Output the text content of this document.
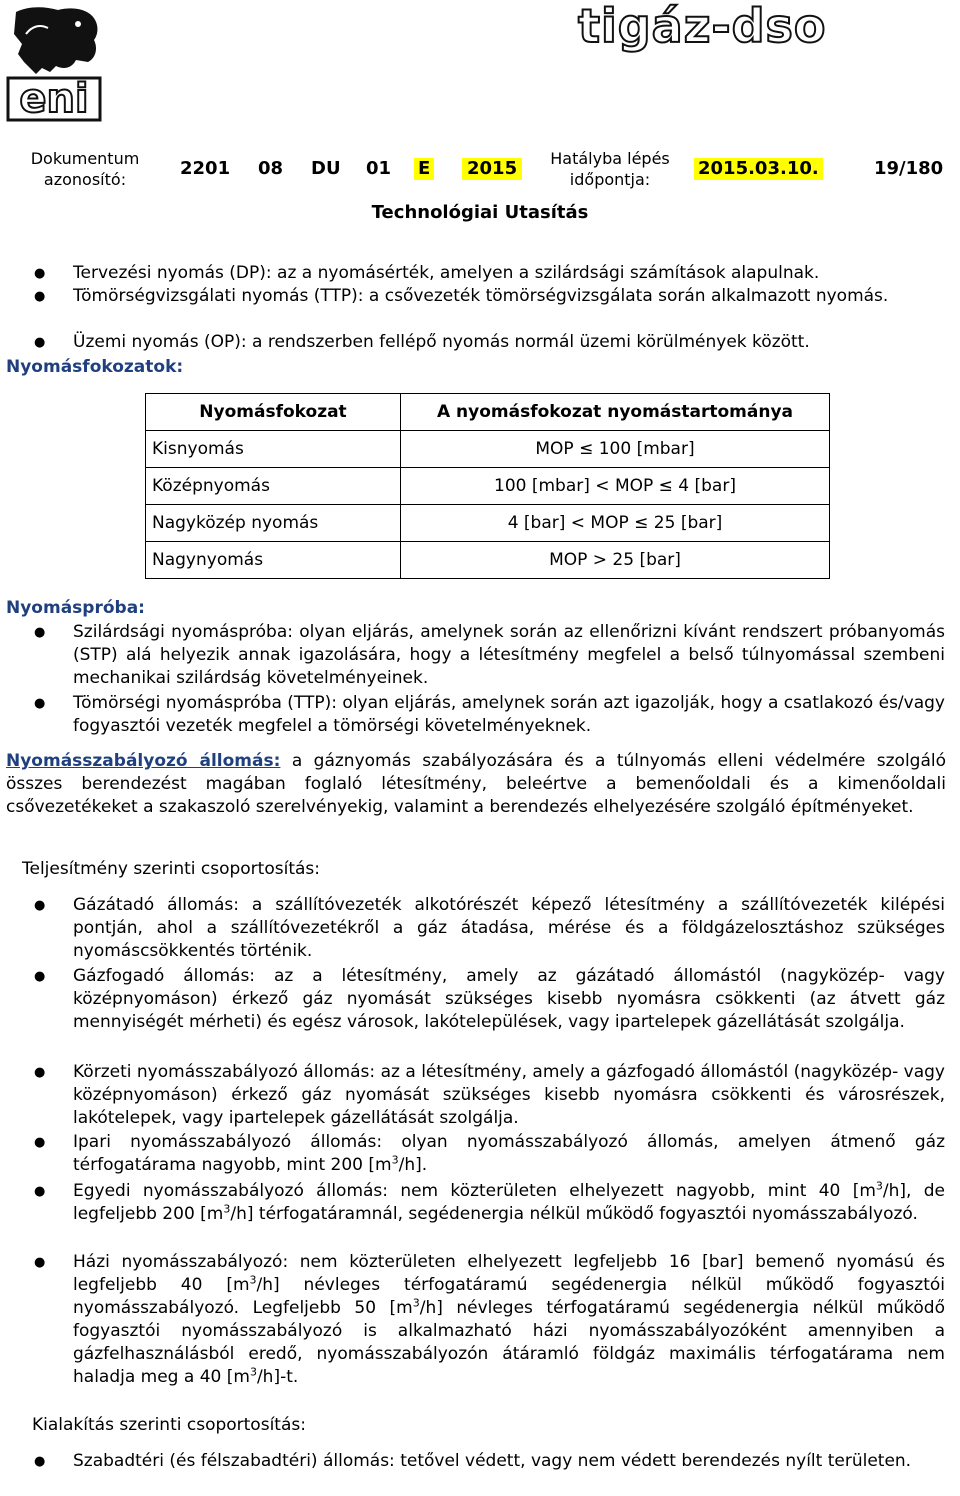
eni
tigáz-dso
Dokumentum
azonosító:
2201 08 DU 01 E 2015	Hatályba lépés
időpontja:
2015.03.10.	19/180
Technológiai Utasítás
● Tervezési nyomás (DP): az a nyomásérték, amelyen a szilárdsági számítások alapulnak.
● Tömörségvizsgálati nyomás (TTP): a csővezeték tömörségvizsgálata során alkalmazott nyomás.
● Üzemi nyomás (OP): a rendszerben fellépő nyomás normál üzemi körülmények között.
Nyomásfokozatok:
Nyomásfokozat	A nyomásfokozat nyomástartománya
Kisnyomás	MOP ≤ 100 [mbar]
Középnyomás	100 [mbar] < MOP ≤ 4 [bar]
Nagyközép nyomás	4 [bar] < MOP ≤ 25 [bar]
Nagynyomás	MOP > 25 [bar]
Nyomáspróba:
● Szilárdsági nyomáspróba: olyan eljárás, amelynek során az ellenőrizni kívánt rendszert próbanyomás (STP) alá helyezik annak igazolására, hogy a létesítmény megfelel a belső túlnyomással szembeni mechanikai szilárdság követelményeinek.
● Tömörségi nyomáspróba (TTP): olyan eljárás, amelynek során azt igazolják, hogy a csatlakozó és/vagy fogyasztói vezeték megfelel a tömörségi követelményeknek.
Nyomásszabályozó állomás: a gáznyomás szabályozására és a túlnyomás elleni védelmére szolgáló összes berendezést magában foglaló létesítmény, beleértve a bemenőoldali és a kimenőoldali csővezetékeket a szakaszoló szerelvényekig, valamint a berendezés elhelyezésére szolgáló építményeket.
Teljesítmény szerinti csoportosítás:
● Gázátadó állomás: a szállítóvezeték alkotórészét képező létesítmény a szállítóvezeték kilépési pontján, ahol a szállítóvezetékről a gáz átadása, mérése és a földgázelosztáshoz szükséges nyomáscsökkentés történik.
● Gázfogadó állomás: az a létesítmény, amely az gázátadó állomástól (nagyközép- vagy középnyomáson) érkező gáz nyomását szükséges kisebb nyomásra csökkenti (az átvett gáz mennyiségét mérheti) és egész városok, lakótelepülések, vagy ipartelepek gázellátását szolgálja.
● Körzeti nyomásszabályozó állomás: az a létesítmény, amely a gázfogadó állomástól (nagyközép- vagy középnyomáson) érkező gáz nyomását szükséges kisebb nyomásra csökkenti és városrészek, lakótelepek, vagy ipartelepek gázellátását szolgálja.
● Ipari nyomásszabályozó állomás: olyan nyomásszabályozó állomás, amelyen átmenő gáz térfogatárama nagyobb, mint 200 $[m^3/h]$.
● Egyedi nyomásszabályozó állomás: nem közterületen elhelyezett nagyobb, mint 40 $[m^3/h]$, de legfeljebb 200 $[m^3/h]$ térfogatáramnál, segédenergia nélkül működő fogyasztói nyomásszabályozó.
● Házi nyomásszabályozó: nem közterületen elhelyezett legfeljebb 16 [bar] bemenő nyomású és legfeljebb 40 $[m^3/h]$ névleges térfogatáramú segédenergia nélkül működő fogyasztói nyomásszabályozó. Legfeljebb 50 $[m^3/h]$ névleges térfogatáramú segédenergia nélkül működő fogyasztói nyomásszabályozó is alkalmazható házi nyomásszabályozóként amennyiben a gázfelhasználásból eredő, nyomásszabályozón átáramló földgáz maximális térfogatárama nem haladja meg a 40 $[m^3/h]-t$.
Kialakítás szerinti csoportosítás:
● Szabadtéri (és félszabadtéri) állomás: tetővel védett, vagy nem védett berendezés nyílt területen.
